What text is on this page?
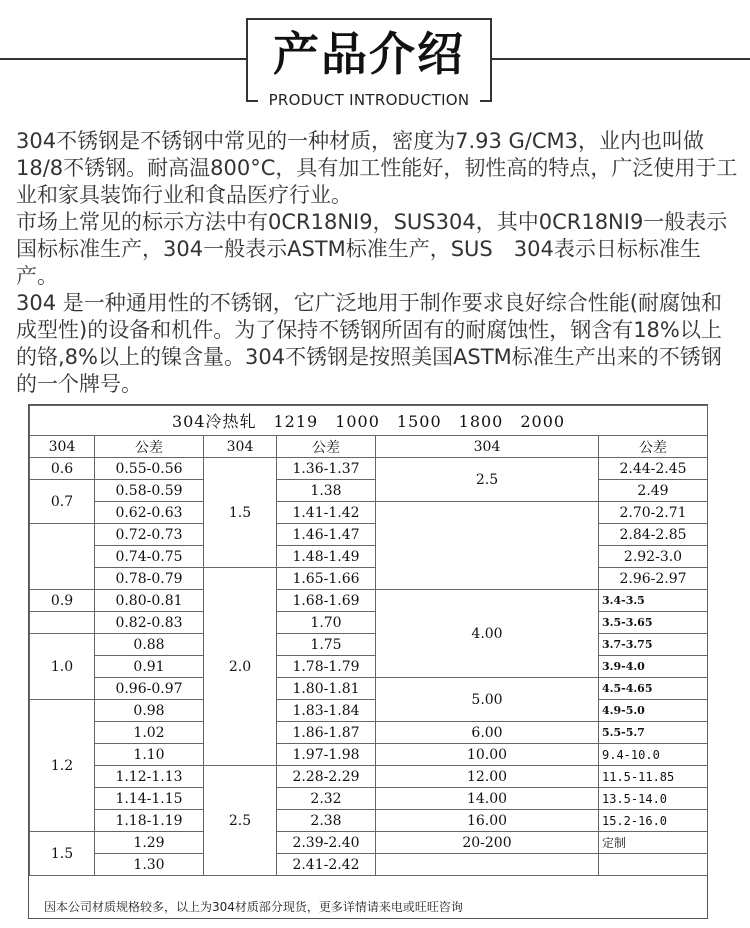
产品介绍
PRODUCT INTRODUCTION

304不锈钢是不锈钢中常见的一种材质，密度为7.93 G/CM3，业内也叫做18/8不锈钢。耐高温800°C，具有加工性能好，韧性高的特点，广泛使用于工业和家具装饰行业和食品医疗行业。

市场上常见的标示方法中有0CR18NI9，SUS304，其中0CR18NI9一般表示国标标准生产，304一般表示ASTM标准生产，SUS　304表示日标标准生产。

304 是一种通用性的不锈钢，它广泛地用于制作要求良好综合性能(耐腐蚀和成型性)的设备和机件。为了保持不锈钢所固有的耐腐蚀性，钢含有18%以上的铬,8%以上的镍含量。304不锈钢是按照美国ASTM标准生产出来的不锈钢的一个牌号。

304冷热轧　1219　1000　1500　1800　2000					
304	公差	304	公差	304	公差
0.6	0.55-0.56	1.5	1.36-1.37	2.5	2.44-2.45
0.7	0.58-0.59		1.38		2.49
	0.62-0.63		1.41-1.42		2.70-2.71
	0.72-0.73		1.46-1.47		2.84-2.85
	0.74-0.75		1.48-1.49		2.92-3.0
	0.78-0.79	2.0	1.65-1.66		2.96-2.97
0.9	0.80-0.81		1.68-1.69	4.00	3.4-3.5
	0.82-0.83		1.70		3.5-3.65
1.0	0.88		1.75		3.7-3.75
	0.91		1.78-1.79		3.9-4.0
	0.96-0.97		1.80-1.81	5.00	4.5-4.65
1.2	0.98		1.83-1.84		4.9-5.0
	1.02		1.86-1.87	6.00	5.5-5.7
	1.10		1.97-1.98	10.00	9.4-10.0
	1.12-1.13	2.5	2.28-2.29	12.00	11.5-11.85
	1.14-1.15		2.32	14.00	13.5-14.0
	1.18-1.19		2.38	16.00	15.2-16.0
1.5	1.29		2.39-2.40	20-200	定制
	1.30		2.41-2.42		
因本公司材质规格较多，以上为304材质部分现货，更多详情请来电或旺旺咨询
